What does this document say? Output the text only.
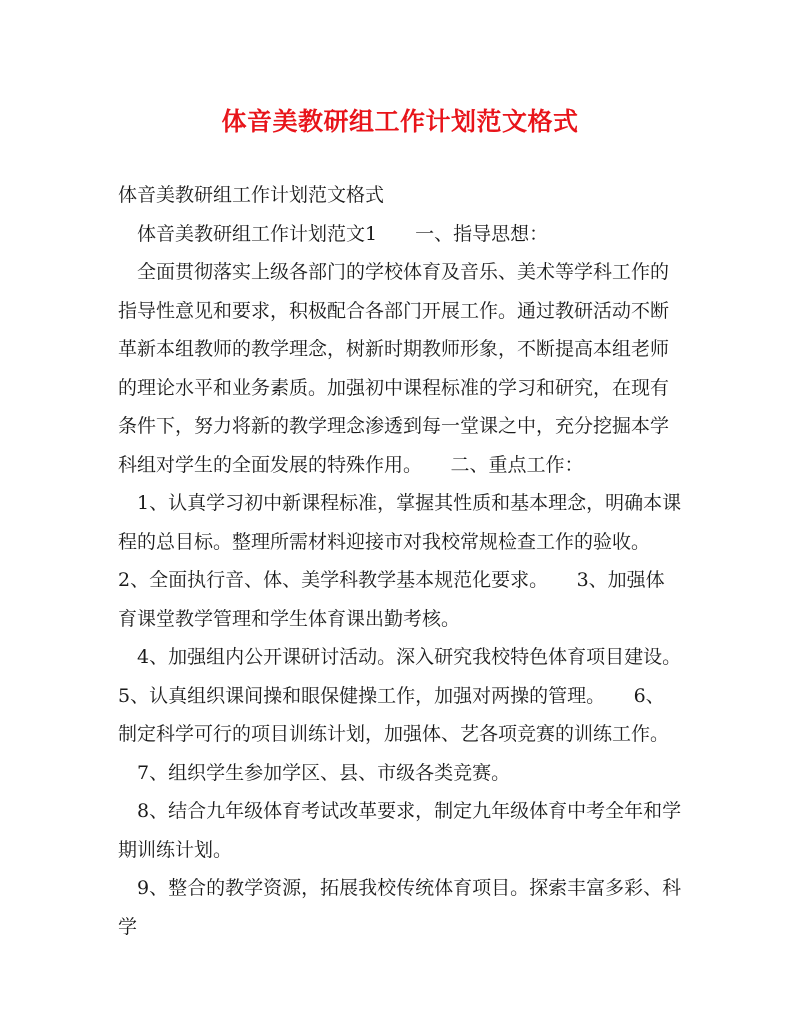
体音美教研组工作计划范文格式

体音美教研组工作计划范文格式

　体音美教研组工作计划范文1　　一、指导思想：

　全面贯彻落实上级各部门的学校体育及音乐、美术等学科工作的指导性意见和要求，积极配合各部门开展工作。通过教研活动不断革新本组教师的教学理念，树新时期教师形象，不断提高本组老师的理论水平和业务素质。加强初中课程标准的学习和研究，在现有条件下，努力将新的教学理念渗透到每一堂课之中，充分挖掘本学科组对学生的全面发展的特殊作用。　　二、重点工作：

　1、认真学习初中新课程标准，掌握其性质和基本理念，明确本课程的总目标。整理所需材料迎接市对我校常规检查工作的验收。　　2、全面执行音、体、美学科教学基本规范化要求。　　3、加强体育课堂教学管理和学生体育课出勤考核。

　4、加强组内公开课研讨活动。深入研究我校特色体育项目建设。5、认真组织课间操和眼保健操工作，加强对两操的管理。　　6、制定科学可行的项目训练计划，加强体、艺各项竞赛的训练工作。

　7、组织学生参加学区、县、市级各类竞赛。

　8、结合九年级体育考试改革要求，制定九年级体育中考全年和学期训练计划。

　9、整合的教学资源，拓展我校传统体育项目。探索丰富多彩、科学
